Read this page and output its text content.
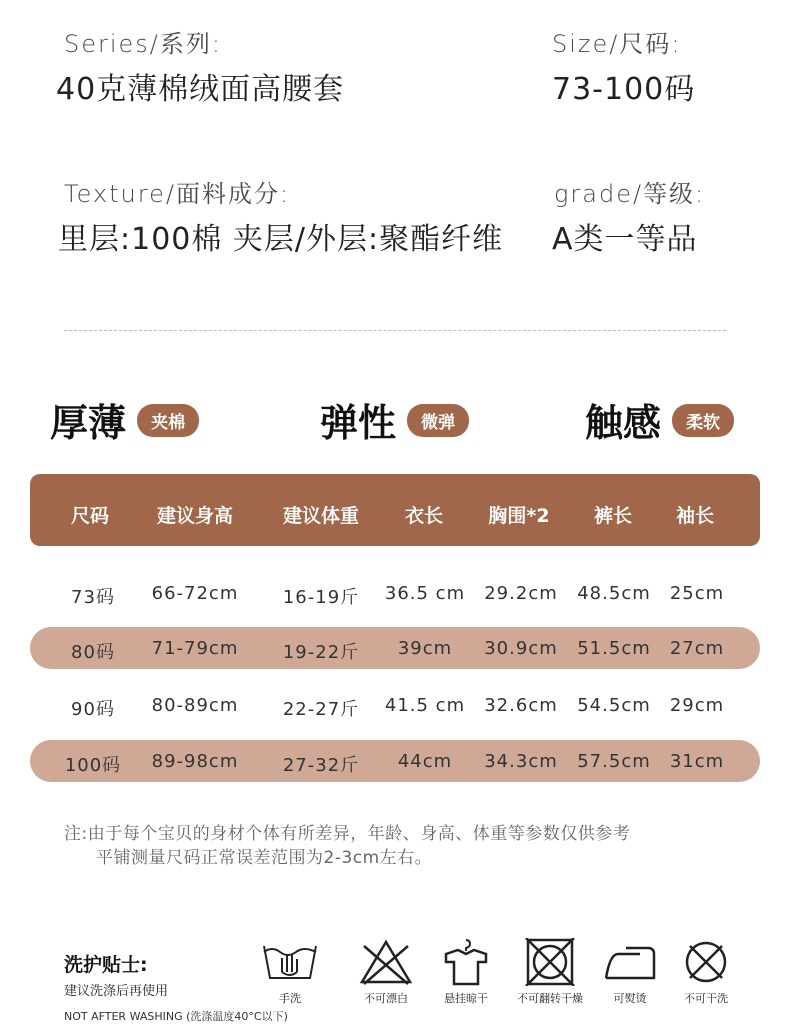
Series/系列:
40克薄棉绒面高腰套
Size/尺码:
73-100码
Texture/面料成分:
里层:100棉 夹层/外层:聚酯纤维
grade/等级:
A类一等品
厚薄 夹棉	弹性 微弹	触感 柔软
尺码	建议身高	建议体重	衣长	胸围*2	裤长	袖长
73码	66-72cm	16-19斤	36.5 cm	29.2cm	48.5cm	25cm
80码	71-79cm	19-22斤	39cm	30.9cm	51.5cm	27cm
90码	80-89cm	22-27斤	41.5 cm	32.6cm	54.5cm	29cm
100码	89-98cm	27-32斤	44cm	34.3cm	57.5cm	31cm
注:由于每个宝贝的身材个体有所差异，年龄、身高、体重等参数仅供参考
平铺测量尺码正常误差范围为2-3cm左右。
洗护贴士:
建议洗涤后再使用	手洗	不可漂白	悬挂晾干	不可翻转干燥	可熨烫	不可干洗
NOT AFTER WASHING (洗涤温度40°C以下)
